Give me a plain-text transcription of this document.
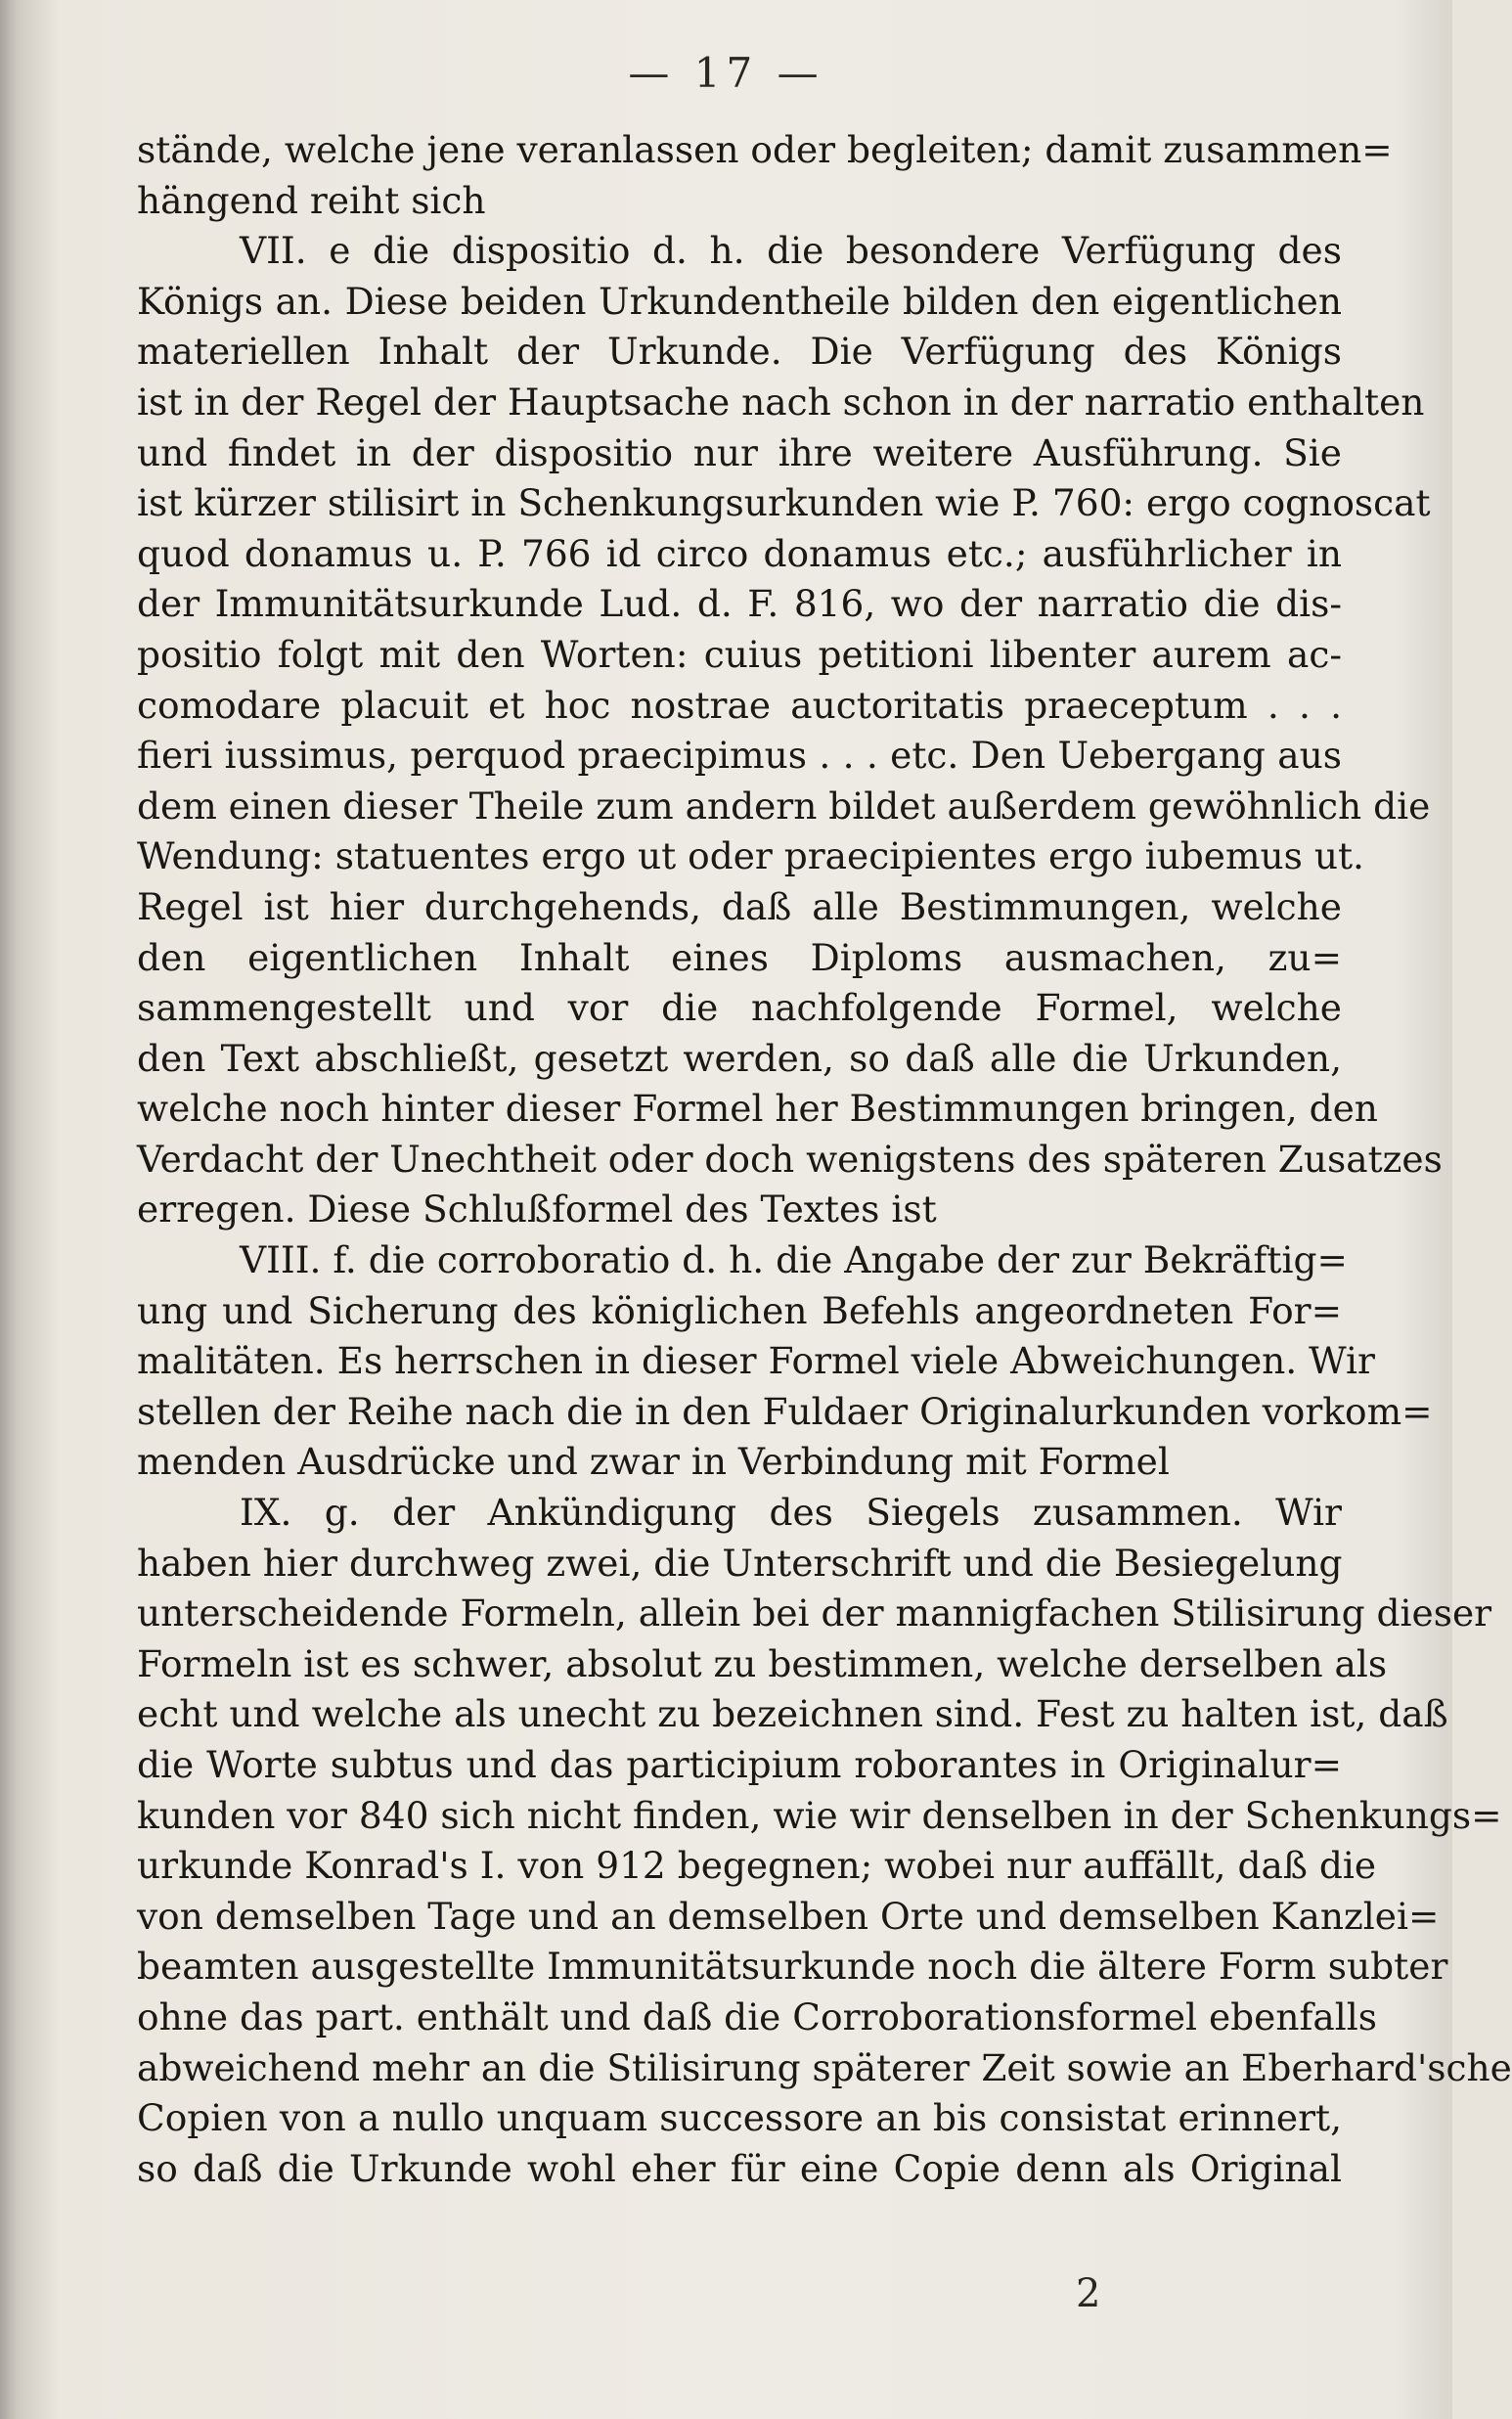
— 17 —
stände, welche jene veranlassen oder begleiten; damit zusammen=
hängend reiht sich
VII. e die dispositio d. h. die besondere Verfügung des
Königs an. Diese beiden Urkundentheile bilden den eigentlichen
materiellen Inhalt der Urkunde. Die Verfügung des Königs
ist in der Regel der Hauptsache nach schon in der narratio enthalten
und findet in der dispositio nur ihre weitere Ausführung. Sie
ist kürzer stilisirt in Schenkungsurkunden wie P. 760: ergo cognoscat
quod donamus u. P. 766 id circo donamus etc.; ausführlicher in
der Immunitätsurkunde Lud. d. F. 816, wo der narratio die dis-
positio folgt mit den Worten: cuius petitioni libenter aurem ac-
comodare placuit et hoc nostrae auctoritatis praeceptum . . .
fieri iussimus, perquod praecipimus . . . etc. Den Uebergang aus
dem einen dieser Theile zum andern bildet außerdem gewöhnlich die
Wendung: statuentes ergo ut oder praecipientes ergo iubemus ut.
Regel ist hier durchgehends, daß alle Bestimmungen, welche
den eigentlichen Inhalt eines Diploms ausmachen, zu=
sammengestellt und vor die nachfolgende Formel, welche
den Text abschließt, gesetzt werden, so daß alle die Urkunden,
welche noch hinter dieser Formel her Bestimmungen bringen, den
Verdacht der Unechtheit oder doch wenigstens des späteren Zusatzes
erregen. Diese Schlußformel des Textes ist
VIII. f. die corroboratio d. h. die Angabe der zur Bekräftig=
ung und Sicherung des königlichen Befehls angeordneten For=
malitäten. Es herrschen in dieser Formel viele Abweichungen. Wir
stellen der Reihe nach die in den Fuldaer Originalurkunden vorkom=
menden Ausdrücke und zwar in Verbindung mit Formel
IX. g. der Ankündigung des Siegels zusammen. Wir
haben hier durchweg zwei, die Unterschrift und die Besiegelung
unterscheidende Formeln, allein bei der mannigfachen Stilisirung dieser
Formeln ist es schwer, absolut zu bestimmen, welche derselben als
echt und welche als unecht zu bezeichnen sind. Fest zu halten ist, daß
die Worte subtus und das participium roborantes in Originalur=
kunden vor 840 sich nicht finden, wie wir denselben in der Schenkungs=
urkunde Konrad's I. von 912 begegnen; wobei nur auffällt, daß die
von demselben Tage und an demselben Orte und demselben Kanzlei=
beamten ausgestellte Immunitätsurkunde noch die ältere Form subter
ohne das part. enthält und daß die Corroborationsformel ebenfalls
abweichend mehr an die Stilisirung späterer Zeit sowie an Eberhard'sche
Copien von a nullo unquam successore an bis consistat erinnert,
so daß die Urkunde wohl eher für eine Copie denn als Original
2
